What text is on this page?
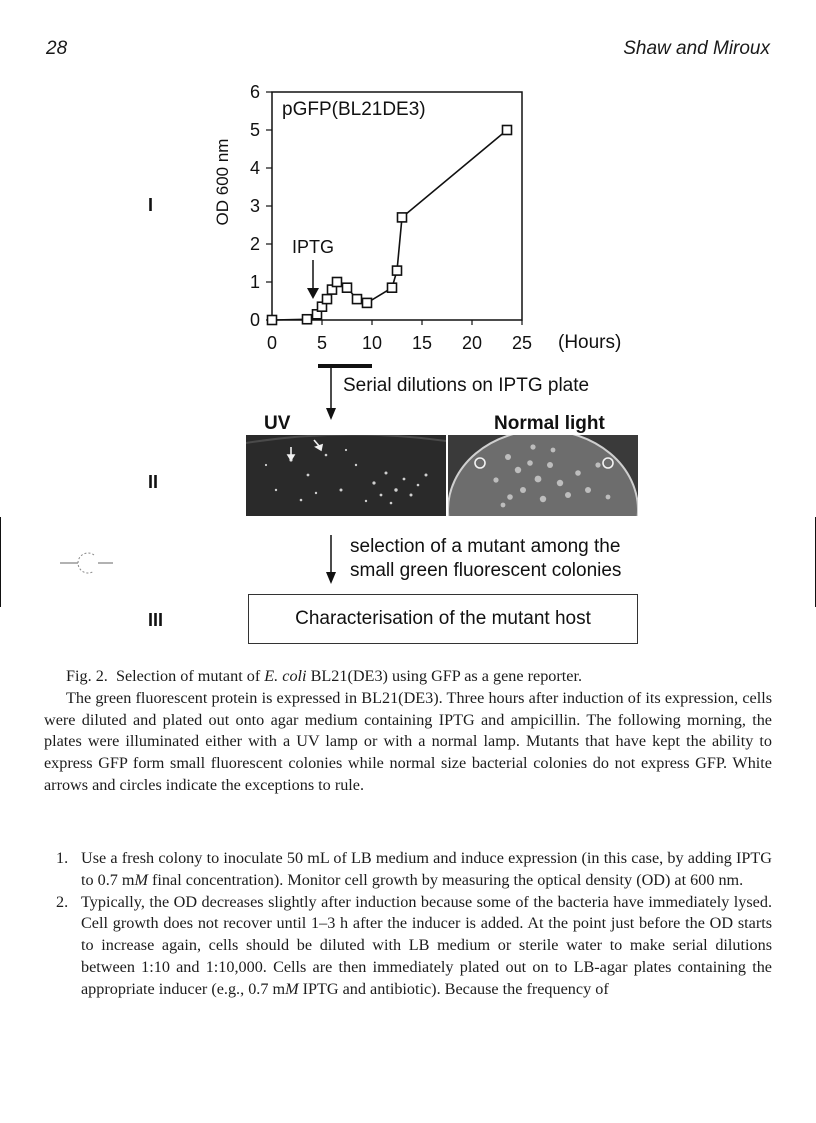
28	Shaw and Miroux
I
II
III
0
1
2
3
4
5
6
0 5 10 15 20 25
pGFP(BL21DE3)
OD 600 nm
(Hours)
IPTG
Serial dilutions on IPTG plate
UV	Normal light
selection of a mutant among the
small green fluorescent colonies
Characterisation of the mutant host

Fig. 2. Selection of mutant of E. coli BL21(DE3) using GFP as a gene reporter.

The green fluorescent protein is expressed in BL21(DE3). Three hours after induction of its expression, cells were diluted and plated out onto agar medium containing IPTG and ampicillin. The following morning, the plates were illuminated either with a UV lamp or with a normal lamp. Mutants that have kept the ability to express GFP form small fluorescent colonies while normal size bacterial colonies do not express GFP. White arrows and circles indicate the exceptions to rule.

1. Use a fresh colony to inoculate 50 mL of LB medium and induce expression (in this case, by adding IPTG to 0.7 mM final concentration). Monitor cell growth by measuring the optical density (OD) at 600 nm.
2. Typically, the OD decreases slightly after induction because some of the bacteria have immediately lysed. Cell growth does not recover until 1–3 h after the inducer is added. At the point just before the OD starts to increase again, cells should be diluted with LB medium or sterile water to make serial dilutions between 1:10 and 1:10,000. Cells are then immediately plated out on to LB-agar plates containing the appropriate inducer (e.g., 0.7 mM IPTG and antibiotic). Because the frequency of
